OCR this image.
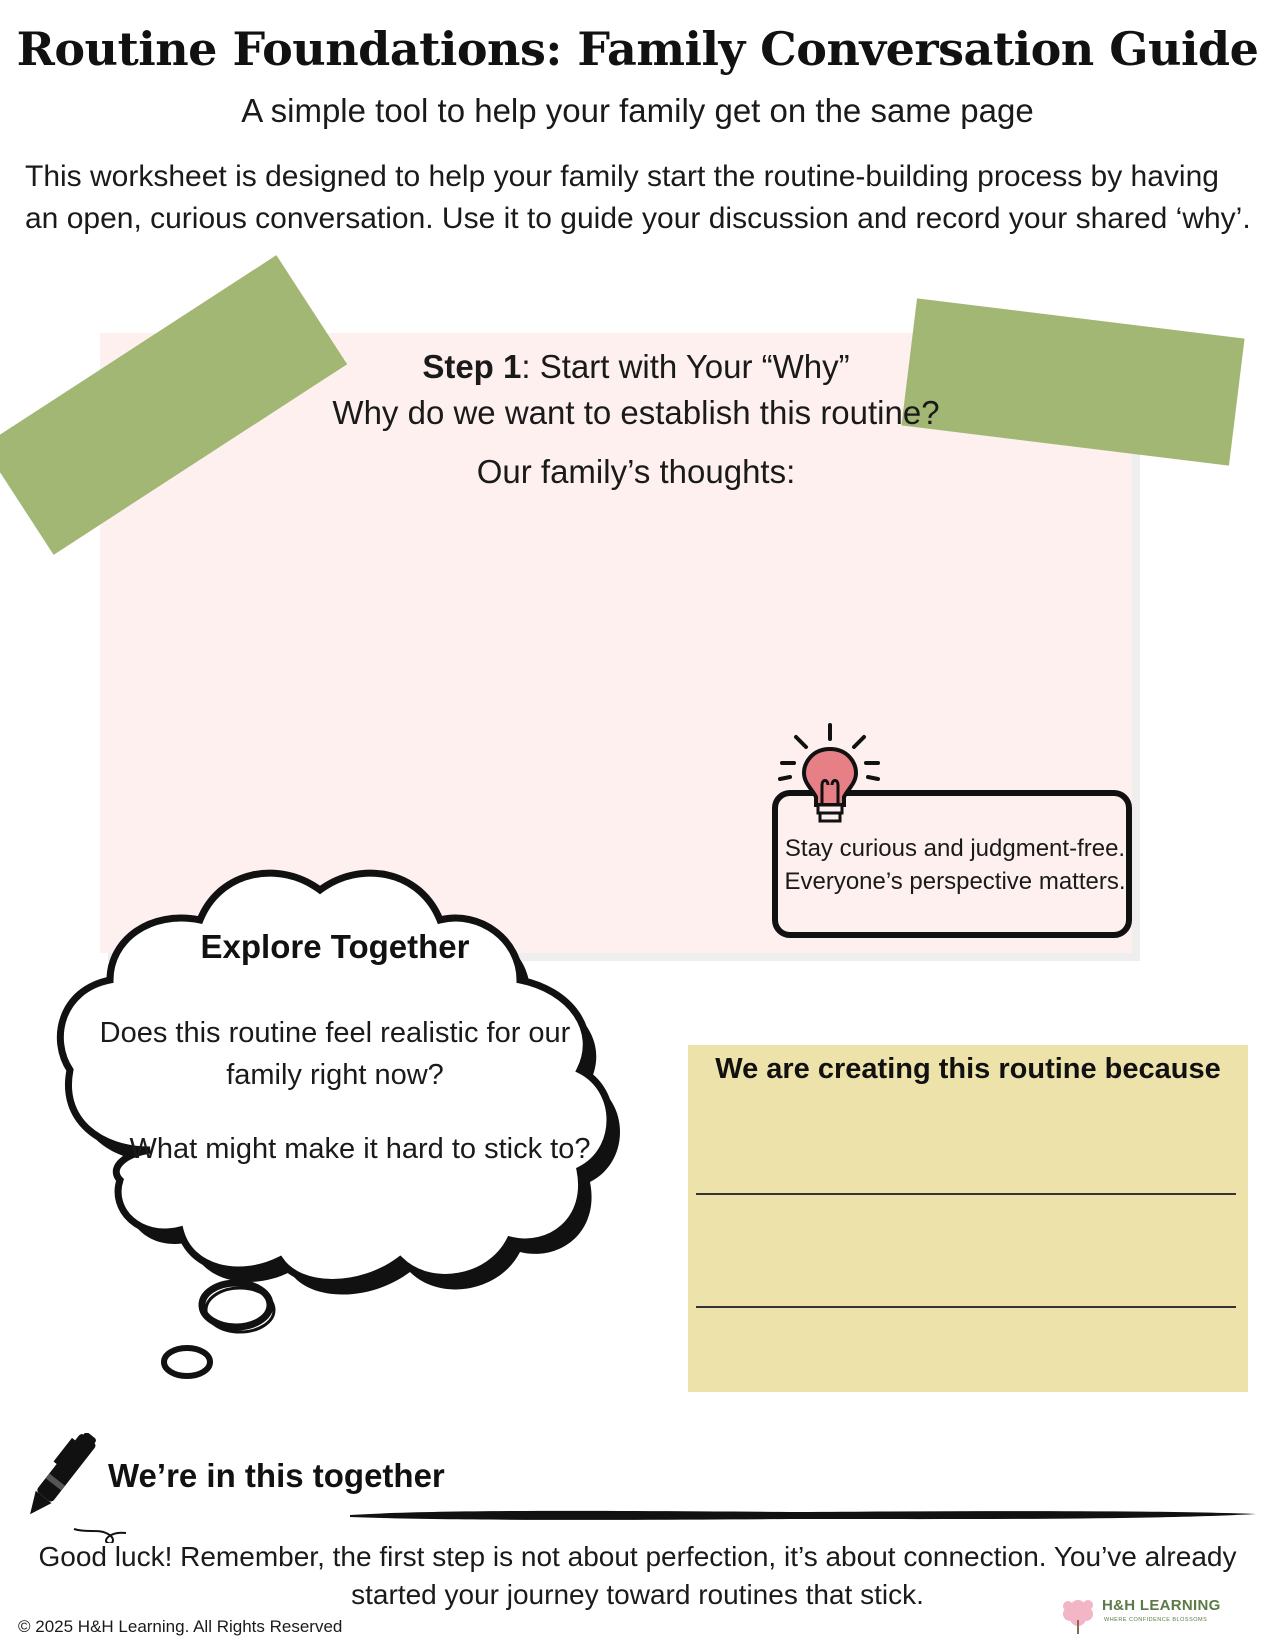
Routine Foundations: Family Conversation Guide
A simple tool to help your family get on the same page
This worksheet is designed to help your family start the routine-building process by having an open, curious conversation. Use it to guide your discussion and record your shared ‘why’.
Step 1: Start with Your “Why”
Why do we want to establish this routine?
Our family’s thoughts:
Stay curious and judgment-free. Everyone’s perspective matters.
Explore Together
Does this routine feel realistic for our family right now?
What might make it hard to stick to?
We are creating this routine because
We’re in this together
Good luck! Remember, the first step is not about perfection, it’s about connection. You’ve already started your journey toward routines that stick.
© 2025 H&H Learning. All Rights Reserved
H&H LEARNING
WHERE CONFIDENCE BLOSSOMS
